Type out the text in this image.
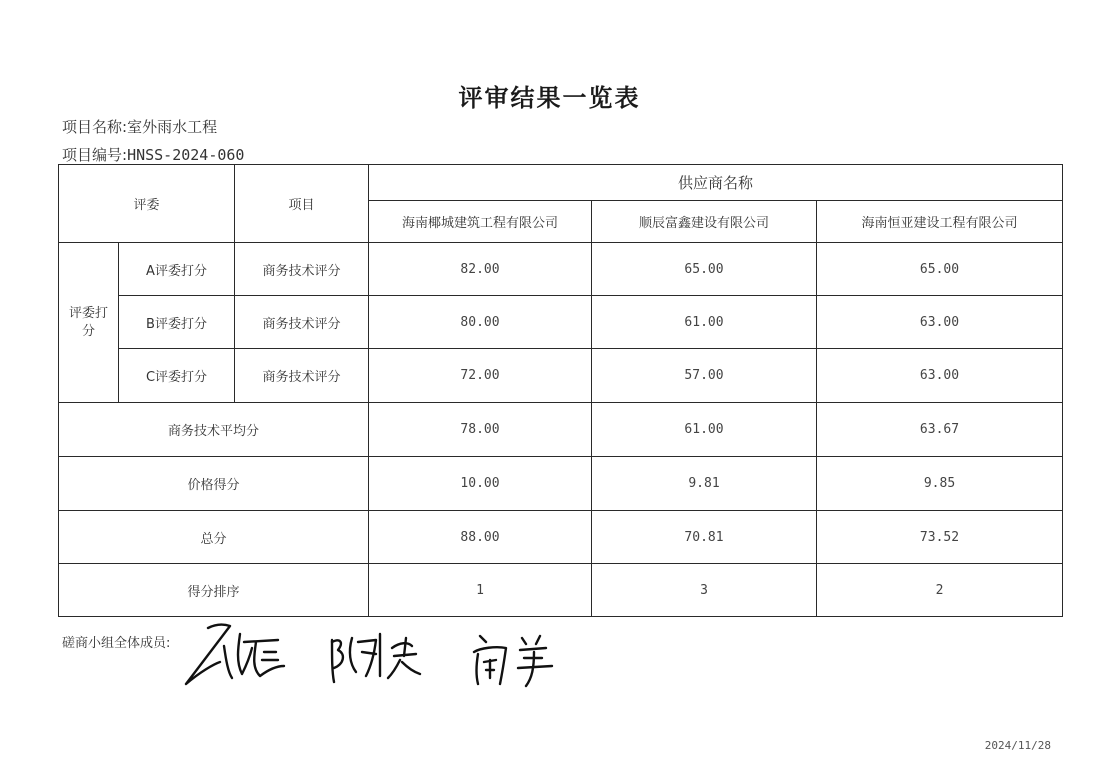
评审结果一览表
项目名称:室外雨水工程
项目编号:HNSS-2024-060
评委		项目	供应商名称		
			海南椰城建筑工程有限公司	顺辰富鑫建设有限公司	海南恒亚建设工程有限公司
评委打分	A评委打分	商务技术评分	82.00	65.00	65.00
	B评委打分	商务技术评分	80.00	61.00	63.00
	C评委打分	商务技术评分	72.00	57.00	63.00
商务技术平均分			78.00	61.00	63.67
价格得分			10.00	9.81	9.85
总分			88.00	70.81	73.52
得分排序			1	3	2
磋商小组全体成员:
2024/11/28
